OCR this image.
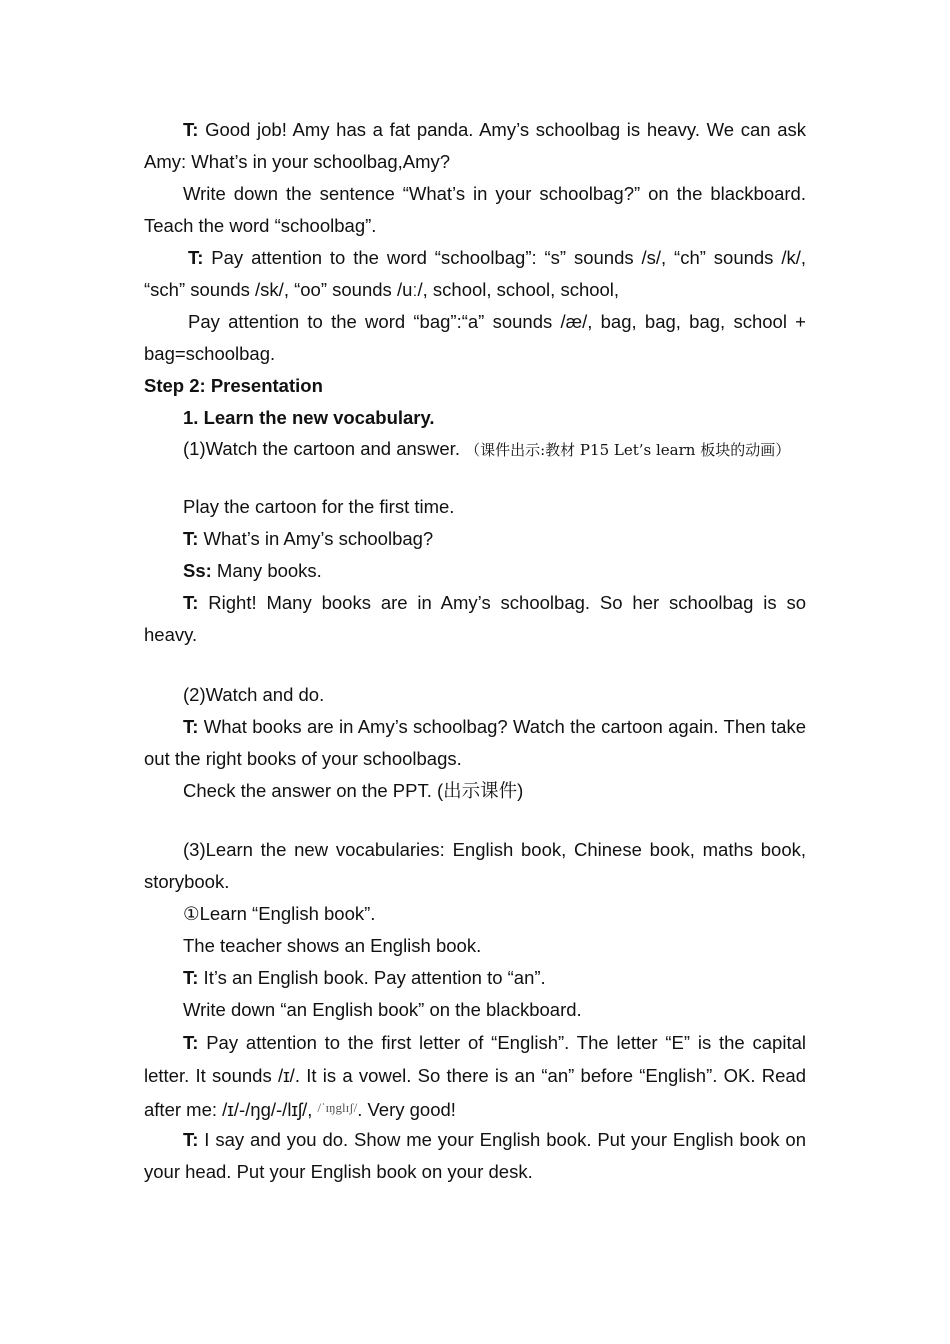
T: Good job! Amy has a fat panda. Amy’s schoolbag is heavy. We can ask Amy: What’s in your schoolbag,Amy?

Write down the sentence “What’s in your schoolbag?” on the blackboard. Teach the word “schoolbag”.

T: Pay attention to the word “schoolbag”: “s” sounds /s/, “ch” sounds /k/, “sch” sounds /sk/, “oo” sounds /uː/, school, school, school,

Pay attention to the word “bag”:“a” sounds /æ/, bag, bag, bag, school + bag=schoolbag.

Step 2: Presentation

1. Learn the new vocabulary.

(1)Watch the cartoon and answer. （课件出示:教材 P15 Let’s learn 板块的动画）

Play the cartoon for the first time.

T: What’s in Amy’s schoolbag?

Ss: Many books.

T: Right! Many books are in Amy’s schoolbag. So her schoolbag is so heavy.

(2)Watch and do.

T: What books are in Amy’s schoolbag? Watch the cartoon again. Then take out the right books of your schoolbags.

Check the answer on the PPT. (出示课件)

(3)Learn the new vocabularies: English book, Chinese book, maths book, storybook.

①Learn “English book”.

The teacher shows an English book.

T: It’s an English book. Pay attention to “an”.

Write down “an English book” on the blackboard.

T: Pay attention to the first letter of “English”. The letter “E” is the capital letter. It sounds /ɪ/. It is a vowel. So there is an “an” before “English”. OK. Read after me: /ɪ/-/ŋg/-/lɪʃ/, $^{/ˈɪŋglɪʃ/}$. Very good!

T: I say and you do. Show me your English book. Put your English book on your head. Put your English book on your desk.
